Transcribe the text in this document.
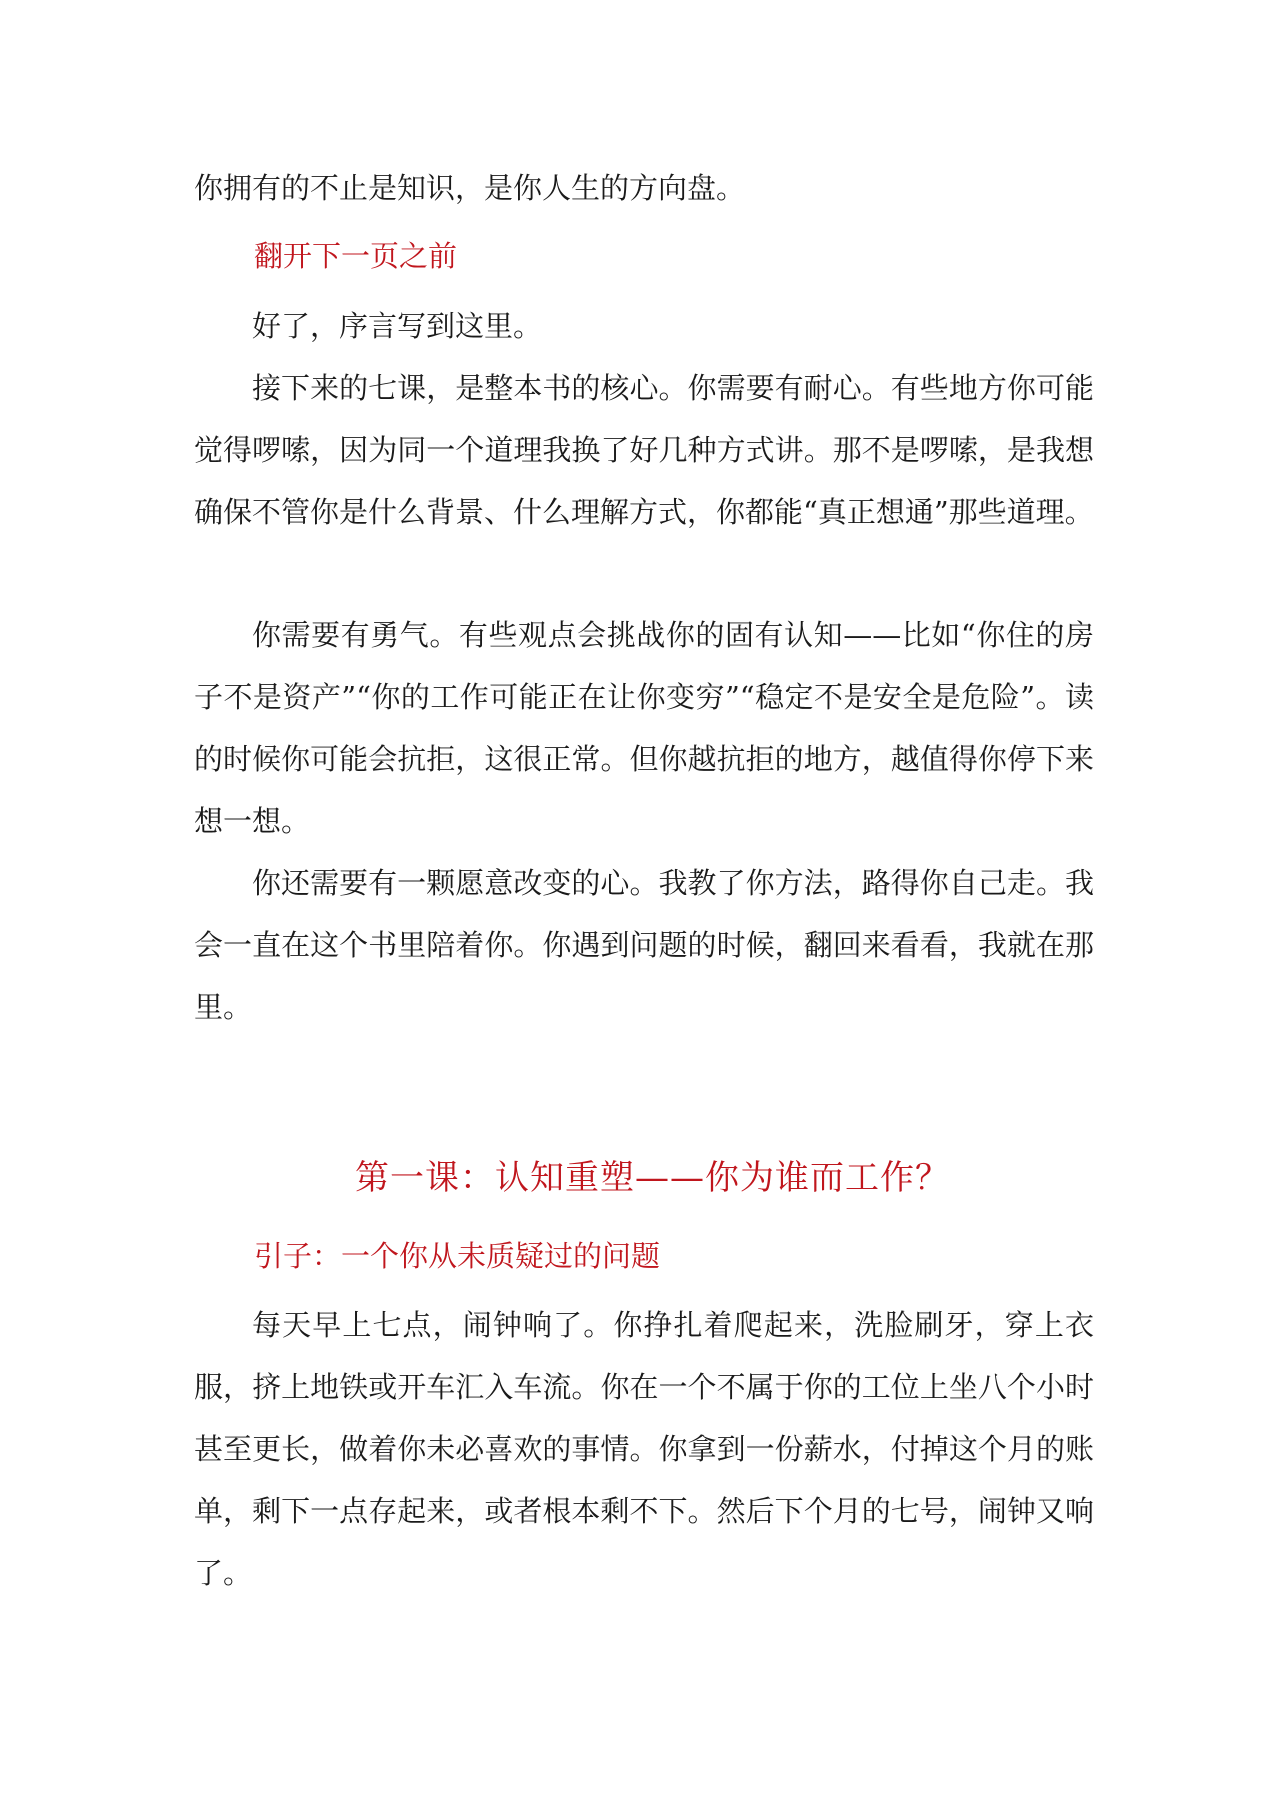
你拥有的不止是知识，是你人生的方向盘。

翻开下一页之前

好了，序言写到这里。

接下来的七课，是整本书的核心。你需要有耐心。有些地方你可能觉得啰嗦，因为同一个道理我换了好几种方式讲。那不是啰嗦，是我想确保不管你是什么背景、什么理解方式，你都能“真正想通”那些道理。

你需要有勇气。有些观点会挑战你的固有认知——比如“你住的房子不是资产”“你的工作可能正在让你变穷”“稳定不是安全是危险”。读的时候你可能会抗拒，这很正常。但你越抗拒的地方，越值得你停下来想一想。

你还需要有一颗愿意改变的心。我教了你方法，路得你自己走。我会一直在这个书里陪着你。你遇到问题的时候，翻回来看看，我就在那里。

第一课：认知重塑——你为谁而工作？
引子：一个你从未质疑过的问题

每天早上七点，闹钟响了。你挣扎着爬起来，洗脸刷牙，穿上衣服，挤上地铁或开车汇入车流。你在一个不属于你的工位上坐八个小时甚至更长，做着你未必喜欢的事情。你拿到一份薪水，付掉这个月的账单，剩下一点存起来，或者根本剩不下。然后下个月的七号，闹钟又响了。
